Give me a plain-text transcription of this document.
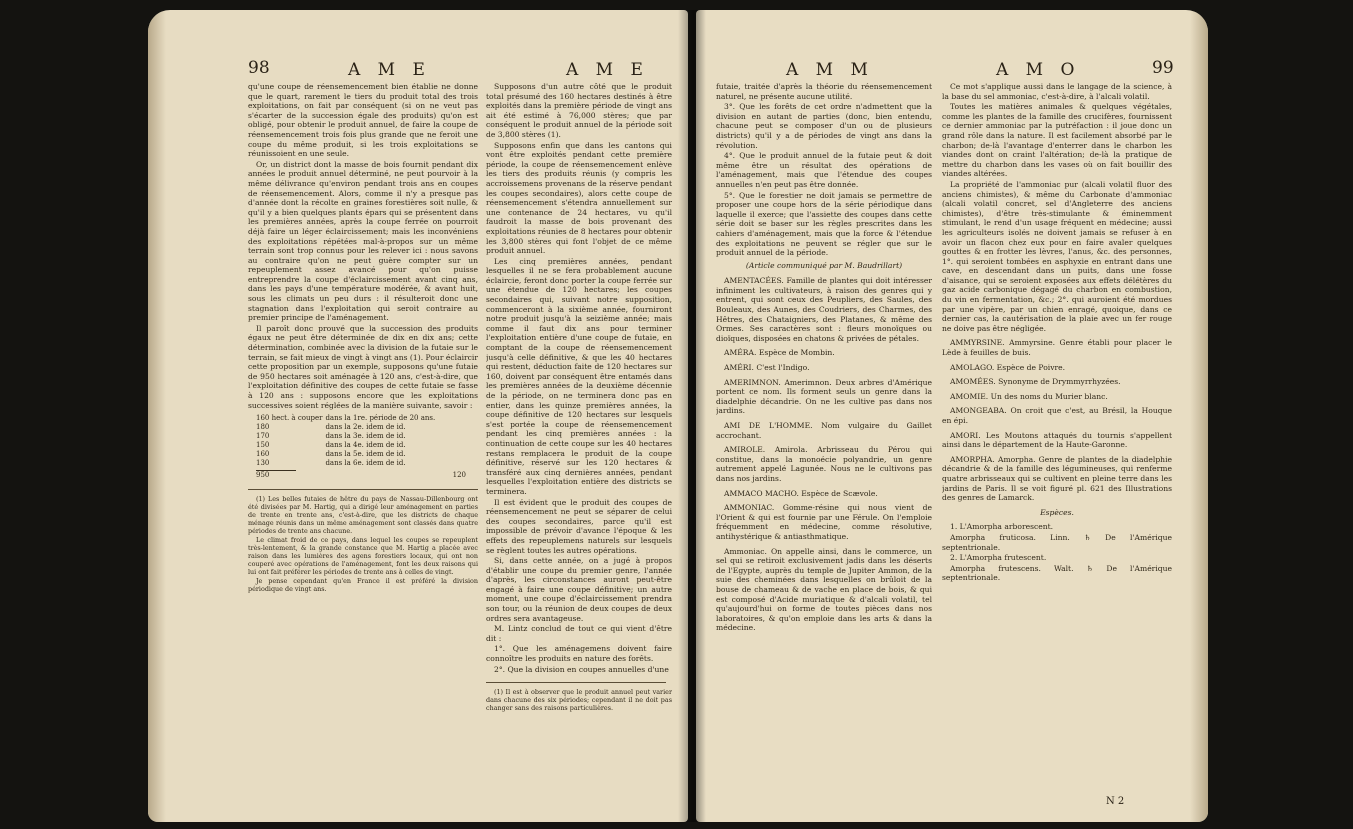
98	A M E	A M E

qu'une coupe de réensemencement bien établie ne donne que le quart, rarement le tiers du produit total des trois exploitations, on fait par conséquent (si on ne veut pas s'écarter de la succession égale des produits) qu'on est obligé, pour obtenir le produit annuel, de faire la coupe de réensemencement trois fois plus grande que ne feroit une coupe du même produit, si les trois exploitations se réunissoient en une seule.

Or, un district dont la masse de bois fournit pendant dix années le produit annuel déterminé, ne peut pourvoir à la même délivrance qu'environ pendant trois ans en coupes de réensemencement. Alors, comme il n'y a presque pas d'année dont la récolte en graines forestières soit nulle, & qu'il y a bien quelques plants épars qui se présentent dans les premières années, après la coupe ferrée on pourroit déjà faire un léger éclaircissement; mais les inconvéniens des exploitations répétées mal-à-propos sur un même terrain sont trop connus pour les relever ici : nous savons au contraire qu'on ne peut guère compter sur un repeuplement assez avancé pour qu'on puisse entreprendre la coupe d'éclaircissement avant cinq ans, dans les pays d'une température modérée, & avant huit, sous les climats un peu durs : il résulteroit donc une stagnation dans l'exploitation qui seroit contraire au premier principe de l'aménagement.

Il paroît donc prouvé que la succession des produits égaux ne peut être déterminée de dix en dix ans; cette détermination, combinée avec la division de la futaie sur le terrain, se fait mieux de vingt à vingt ans (1). Pour éclaircir cette proposition par un exemple, supposons qu'une futaie de 950 hectares soit aménagée à 120 ans, c'est-à-dire, que l'exploitation définitive des coupes de cette futaie se fasse à 120 ans : supposons encore que les exploitations successives soient réglées de la manière suivante, savoir :

160 hect. à couper	dans la 1re. période de 20 ans.
180	dans la 2e. idem de id.
170	dans la 3e. idem de id.
150	dans la 4e. idem de id.
160	dans la 5e. idem de id.
130	dans la 6e. idem de id.
950	120

(1) Les belles futaies de hêtre du pays de Nassau-Dillenbourg ont été divisées par M. Hartig, qui a dirigé leur aménagement en parties de trente en trente ans, c'est-à-dire, que les districts de chaque ménage réunis dans un même aménagement sont classés dans quatre périodes de trente ans chacune.

Le climat froid de ce pays, dans lequel les coupes se repeuplent très-lentement, & la grande constance que M. Hartig a placée avec raison dans les lumières des agens forestiers locaux, qui ont non couperé avec opérations de l'aménagement, font les deux raisons qui lui ont fait préférer les périodes de trente ans à celles de vingt.

Je pense cependant qu'en France il est préféré la division périodique de vingt ans.

Supposons d'un autre côté que le produit total présumé des 160 hectares destinés à être exploités dans la première période de vingt ans ait été estimé à 76,000 stères; que par conséquent le produit annuel de la période soit de 3,800 stères (1).

Supposons enfin que dans les cantons qui vont être exploités pendant cette première période, la coupe de réensemencement enlève les tiers des produits réunis (y compris les accroissemens provenans de la réserve pendant les coupes secondaires), alors cette coupe de réensemencement s'étendra annuellement sur une contenance de 24 hectares, vu qu'il faudroit la masse de bois provenant des exploitations réunies de 8 hectares pour obtenir les 3,800 stères qui font l'objet de ce même produit annuel.

Les cinq premières années, pendant lesquelles il ne se fera probablement aucune éclaircie, feront donc porter la coupe ferrée sur une étendue de 120 hectares; les coupes secondaires qui, suivant notre supposition, commenceront à la sixième année, fourniront notre produit jusqu'à la seizième année; mais comme il faut dix ans pour terminer l'exploitation entière d'une coupe de futaie, en comptant de la coupe de réensemencement jusqu'à celle définitive, & que les 40 hectares qui restent, déduction faite de 120 hectares sur 160, doivent par conséquent être entamés dans les premières années de la deuxième décennie de la période, on ne terminera donc pas en entier, dans les quinze premières années, la coupe définitive de 120 hectares sur lesquels s'est portée la coupe de réensemencement pendant les cinq premières années : la continuation de cette coupe sur les 40 hectares restans remplacera le produit de la coupe définitive, réservé sur les 120 hectares & transféré aux cinq dernières années, pendant lesquelles l'exploitation entière des districts se terminera.

Il est évident que le produit des coupes de réensemencement ne peut se séparer de celui des coupes secondaires, parce qu'il est impossible de prévoir d'avance l'époque & les effets des repeuplemens naturels sur lesquels se règlent toutes les autres opérations.

Si, dans cette année, on a jugé à propos d'établir une coupe du premier genre, l'année d'après, les circonstances auront peut-être engagé à faire une coupe définitive; un autre moment, une coupe d'éclaircissement prendra son tour, ou la réunion de deux coupes de deux ordres sera avantageuse.

M. Lintz conclud de tout ce qui vient d'être dit :

1°. Que les aménagemens doivent faire connoître les produits en nature des forêts.

2°. Que la division en coupes annuelles d'une

(1) Il est à observer que le produit annuel peut varier dans chacune des six périodes; cependant il ne doit pas changer sans des raisons particulières.

A M M	A M O	99

futaie, traitée d'après la théorie du réensemencement naturel, ne présente aucune utilité.

3°. Que les forêts de cet ordre n'admettent que la division en autant de parties (donc, bien entendu, chacune peut se composer d'un ou de plusieurs districts) qu'il y a de périodes de vingt ans dans la révolution.

4°. Que le produit annuel de la futaie peut & doit même être un résultat des opérations de l'aménagement, mais que l'étendue des coupes annuelles n'en peut pas être donnée.

5°. Que le forestier ne doit jamais se permettre de proposer une coupe hors de la série périodique dans laquelle il exerce; que l'assiette des coupes dans cette série doit se baser sur les règles prescrites dans les cahiers d'aménagement, mais que la force & l'étendue des exploitations ne peuvent se régler que sur le produit annuel de la période.

(Article communiqué par M. Baudrillart)

AMENTACÉES. Famille de plantes qui doit intéresser infiniment les cultivateurs, à raison des genres qui y entrent, qui sont ceux des Peupliers, des Saules, des Bouleaux, des Aunes, des Coudriers, des Charmes, des Hêtres, des Chataigniers, des Platanes, & même des Ormes. Ses caractères sont : fleurs monoïques ou dioïques, disposées en chatons & privées de pétales.

AMÉRA. Espèce de Mombin.

AMÉRI. C'est l'Indigo.

AMERIMNON. Amerimnon. Deux arbres d'Amérique portent ce nom. Ils forment seuls un genre dans la diadelphie décandrie. On ne les cultive pas dans nos jardins.

AMI DE L'HOMME. Nom vulgaire du Gaillet accrochant.

AMIROLE. Amirola. Arbrisseau du Pérou qui constitue, dans la monoécie polyandrie, un genre autrement appelé Lagunée. Nous ne le cultivons pas dans nos jardins.

AMMACO MACHO. Espèce de Scævole.

AMMONIAC. Gomme-résine qui nous vient de l'Orient & qui est fournie par une Férule. On l'emploie fréquemment en médecine, comme résolutive, antihystérique & antiasthmatique.

Ammoniac. On appelle ainsi, dans le commerce, un sel qui se retiroit exclusivement jadis dans les déserts de l'Egypte, auprès du temple de Jupiter Ammon, de la suie des cheminées dans lesquelles on brûloit de la bouse de chameau & de vache en place de bois, & qui est composé d'Acide muriatique & d'alcali volatil, tel qu'aujourd'hui on forme de toutes pièces dans nos laboratoires, & qu'on emploie dans les arts & dans la médecine.

Ce mot s'applique aussi dans le langage de la science, à la base du sel ammoniac, c'est-à-dire, à l'alcali volatil.

Toutes les matières animales & quelques végétales, comme les plantes de la famille des crucifères, fournissent ce dernier ammoniac par la putréfaction : il joue donc un grand rôle dans la nature. Il est facilement absorbé par le charbon; de-là l'avantage d'enterrer dans le charbon les viandes dont on craint l'altération; de-là la pratique de mettre du charbon dans les vases où on fait bouillir des viandes altérées.

La propriété de l'ammoniac pur (alcali volatil fluor des anciens chimistes), & même du Carbonate d'ammoniac (alcali volatil concret, sel d'Angleterre des anciens chimistes), d'être très-stimulante & éminemment stimulant, le rend d'un usage fréquent en médecine; aussi les agriculteurs isolés ne doivent jamais se refuser à en avoir un flacon chez eux pour en faire avaler quelques gouttes & en frotter les lèvres, l'anus, &c. des personnes, 1°. qui seroient tombées en asphyxie en entrant dans une cave, en descendant dans un puits, dans une fosse d'aisance, qui se seroient exposées aux effets délétères du gaz acide carbonique dégagé du charbon en combustion, du vin en fermentation, &c.; 2°. qui auroient été mordues par une vipère, par un chien enragé, quoique, dans ce dernier cas, la cautérisation de la plaie avec un fer rouge ne doive pas être négligée.

AMMYRSINE. Ammyrsine. Genre établi pour placer le Lède à feuilles de buis.

AMOLAGO. Espèce de Poivre.

AMOMÉES. Synonyme de Drymmyrrhyzées.

AMOMIE. Un des noms du Murier blanc.

AMONGEABA. On croit que c'est, au Brésil, la Houque en épi.

AMORI. Les Moutons attaqués du tournis s'appellent ainsi dans le département de la Haute-Garonne.

AMORPHA. Amorpha. Genre de plantes de la diadelphie décandrie & de la famille des légumineuses, qui renferme quatre arbrisseaux qui se cultivent en pleine terre dans les jardins de Paris. Il se voit figuré pl. 621 des Illustrations des genres de Lamarck.

Espèces.

1. L'Amorpha arborescent.

Amorpha fruticosa. Linn. ♄ De l'Amérique septentrionale.

2. L'Amorpha frutescent.

Amorpha frutescens. Walt. ♄ De l'Amérique septentrionale.

N 2
